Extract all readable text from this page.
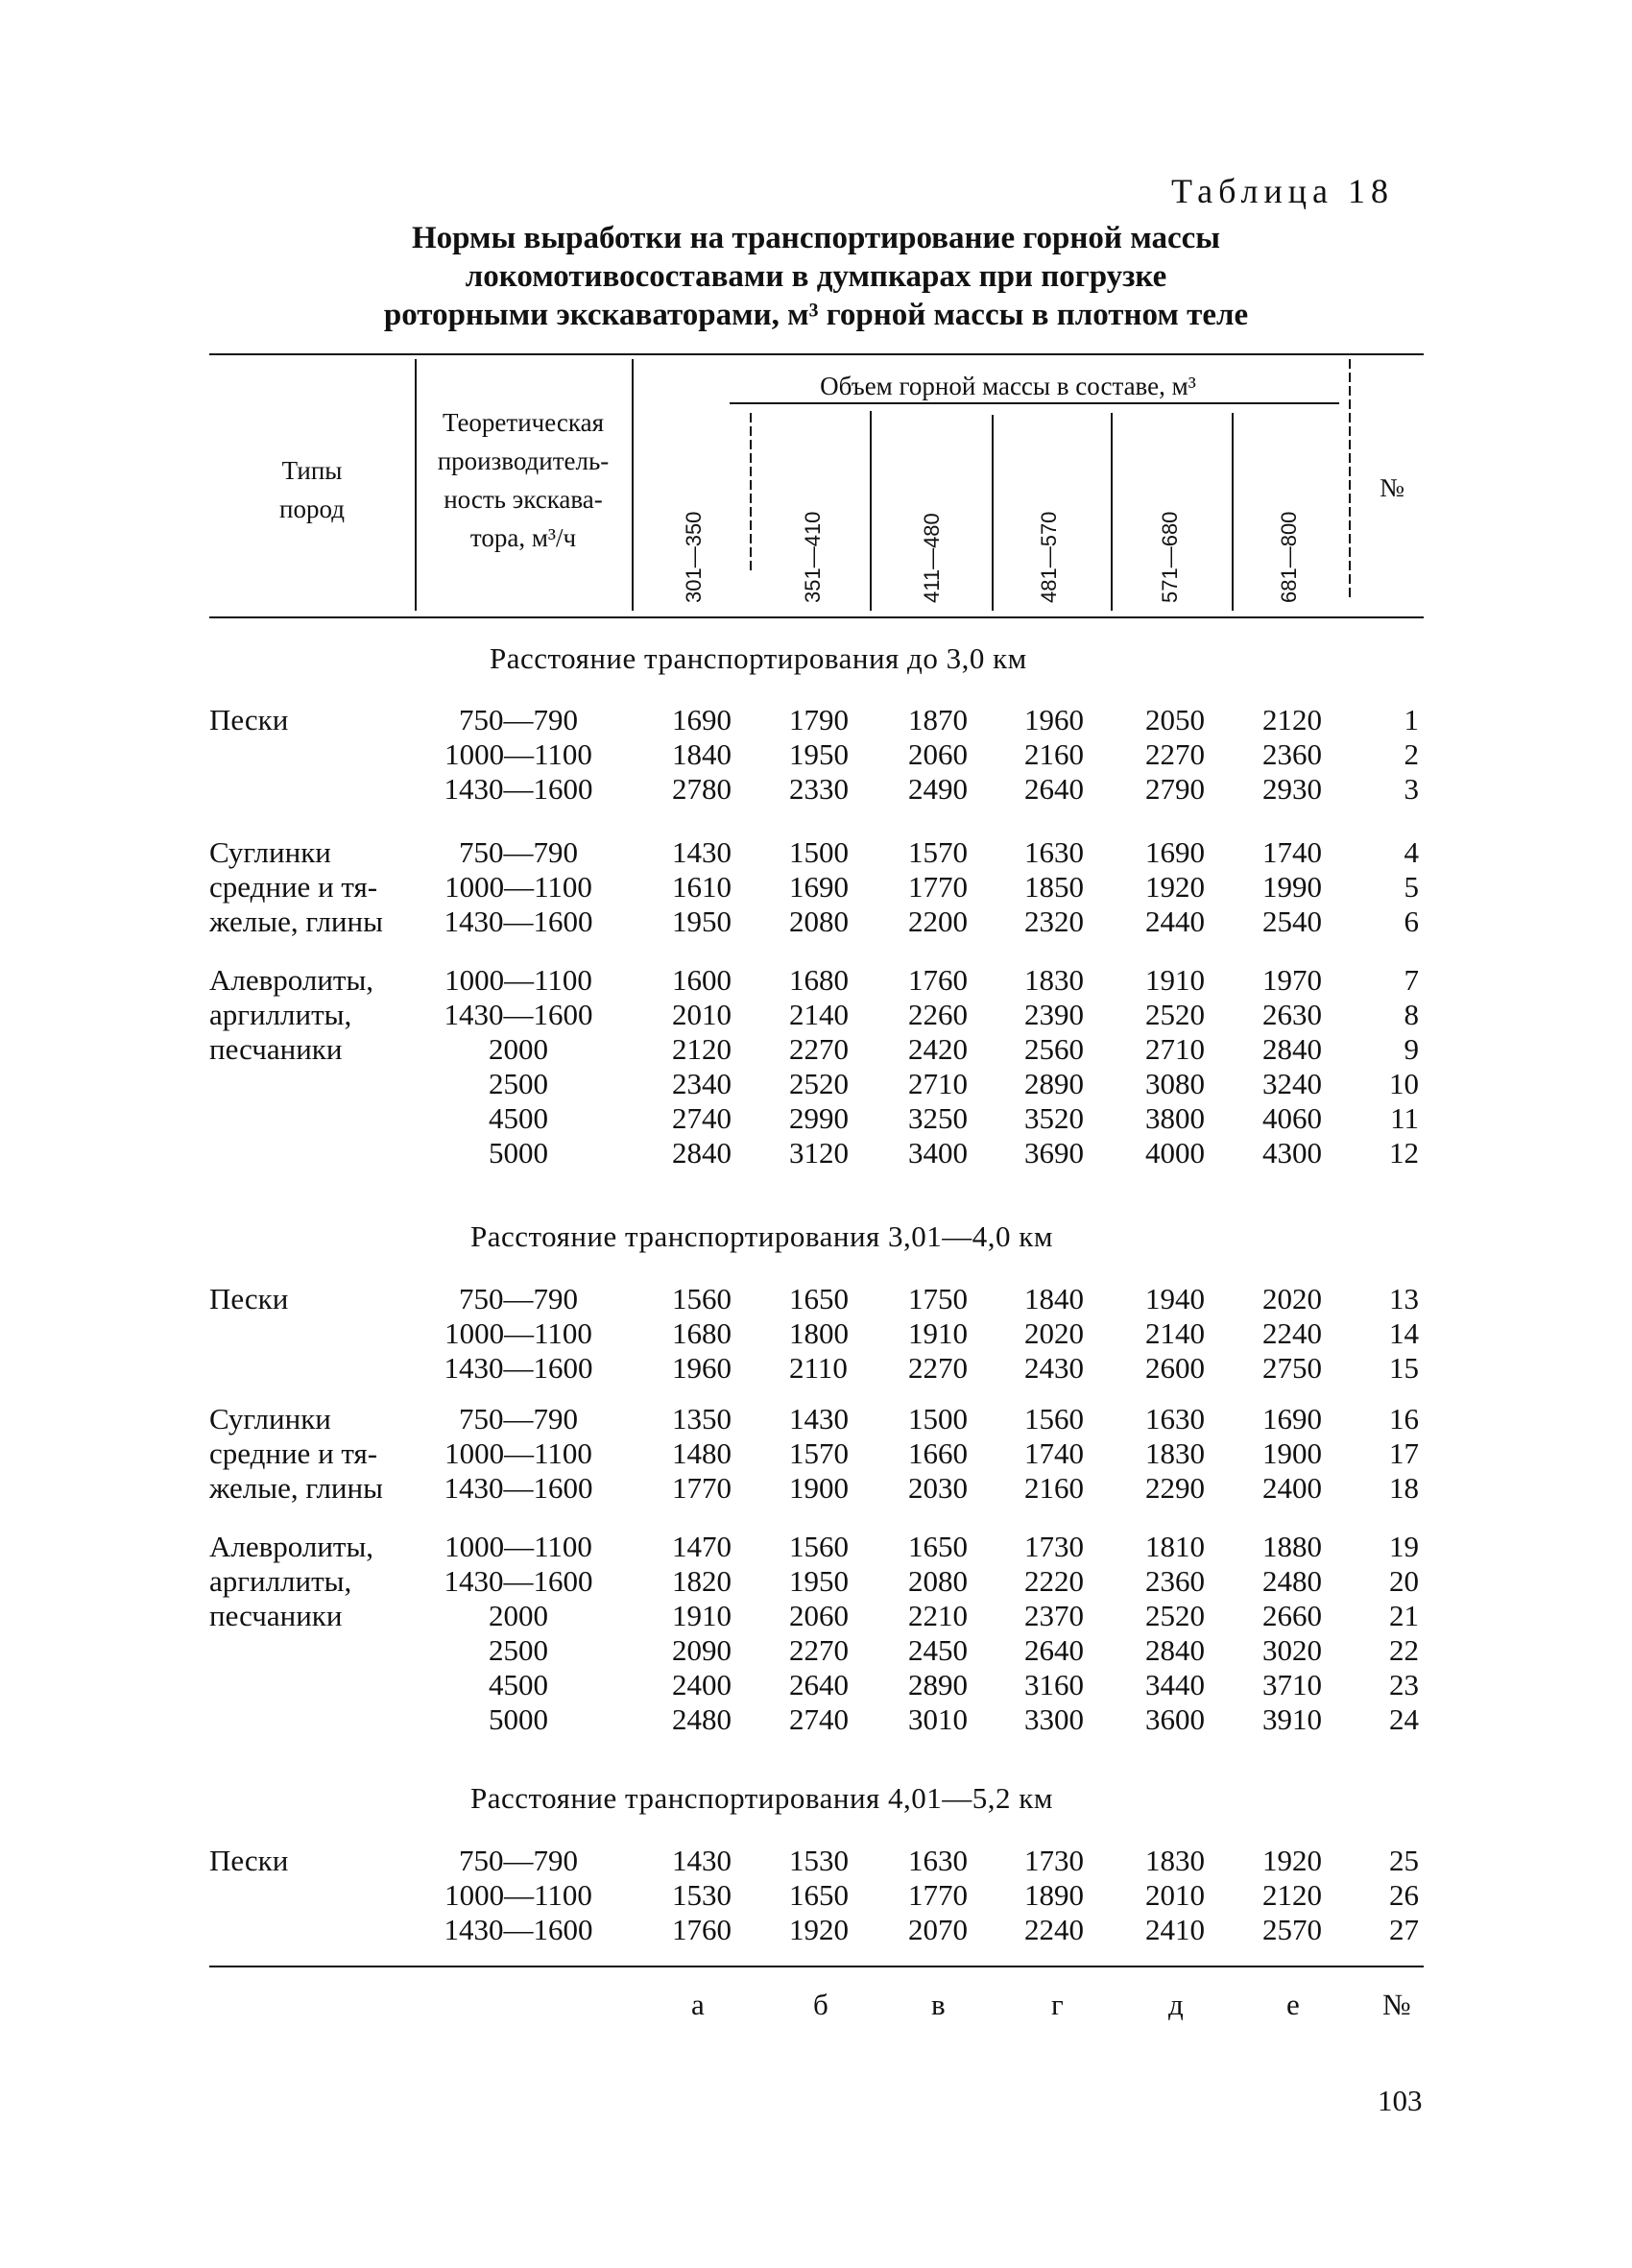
Таблица 18
Нормы выработки на транспортирование горной массы
локомотивосоставами в думпкарах при погрузке
роторными экскаваторами, м³ горной массы в плотном теле
Типы
пород
Теоретическая
производитель-
ность экскава-
тора, м³/ч
Объем горной массы в составе, м³
301—350	351—410	411—480	481—570	571—680	681—800
№
Расстояние транспортирования до 3,0 км
Расстояние транспортирования 3,01—4,0 км
Расстояние транспортирования 4,01—5,2 км
Пески	750—790	1690 1790 1870 1960 2050 2120	1
1000—1100	1840 1950 2060 2160 2270 2360	2
1430—1600	2780 2330 2490 2640 2790 2930	3
Суглинки
средние и тя-
желые, глины
750—790	1430 1500 1570 1630 1690 1740	4
1000—1100	1610 1690 1770 1850 1920 1990	5
1430—1600	1950 2080 2200 2320 2440 2540	6
Алевролиты,
аргиллиты,
песчаники
1000—1100	1600 1680 1760 1830 1910 1970	7
1430—1600	2010 2140 2260 2390 2520 2630	8
2000	2120 2270 2420 2560 2710 2840	9
2500	2340 2520 2710 2890 3080 3240 10
4500	2740 2990 3250 3520 3800 4060 11
5000	2840 3120 3400 3690 4000 4300 12
Пески	750—790	1560 1650 1750 1840 1940 2020 13
1000—1100	1680 1800 1910 2020 2140 2240 14
1430—1600	1960 2110 2270 2430 2600 2750 15
Суглинки
средние и тя-
желые, глины
750—790	1350 1430 1500 1560 1630 1690 16
1000—1100	1480 1570 1660 1740 1830 1900 17
1430—1600	1770 1900 2030 2160 2290 2400 18
Алевролиты,
аргиллиты,
песчаники
1000—1100	1470 1560 1650 1730 1810 1880 19
1430—1600	1820 1950 2080 2220 2360 2480 20
2000	1910 2060 2210 2370 2520 2660 21
2500	2090 2270 2450 2640 2840 3020 22
4500	2400 2640 2890 3160 3440 3710 23
5000	2480 2740 3010 3300 3600 3910 24
Пески	750—790	1430 1530 1630 1730 1830 1920 25
1000—1100	1530 1650 1770 1890 2010 2120 26
1430—1600	1760 1920 2070 2240 2410 2570 27
а	б	в	г	д	е	№
103
